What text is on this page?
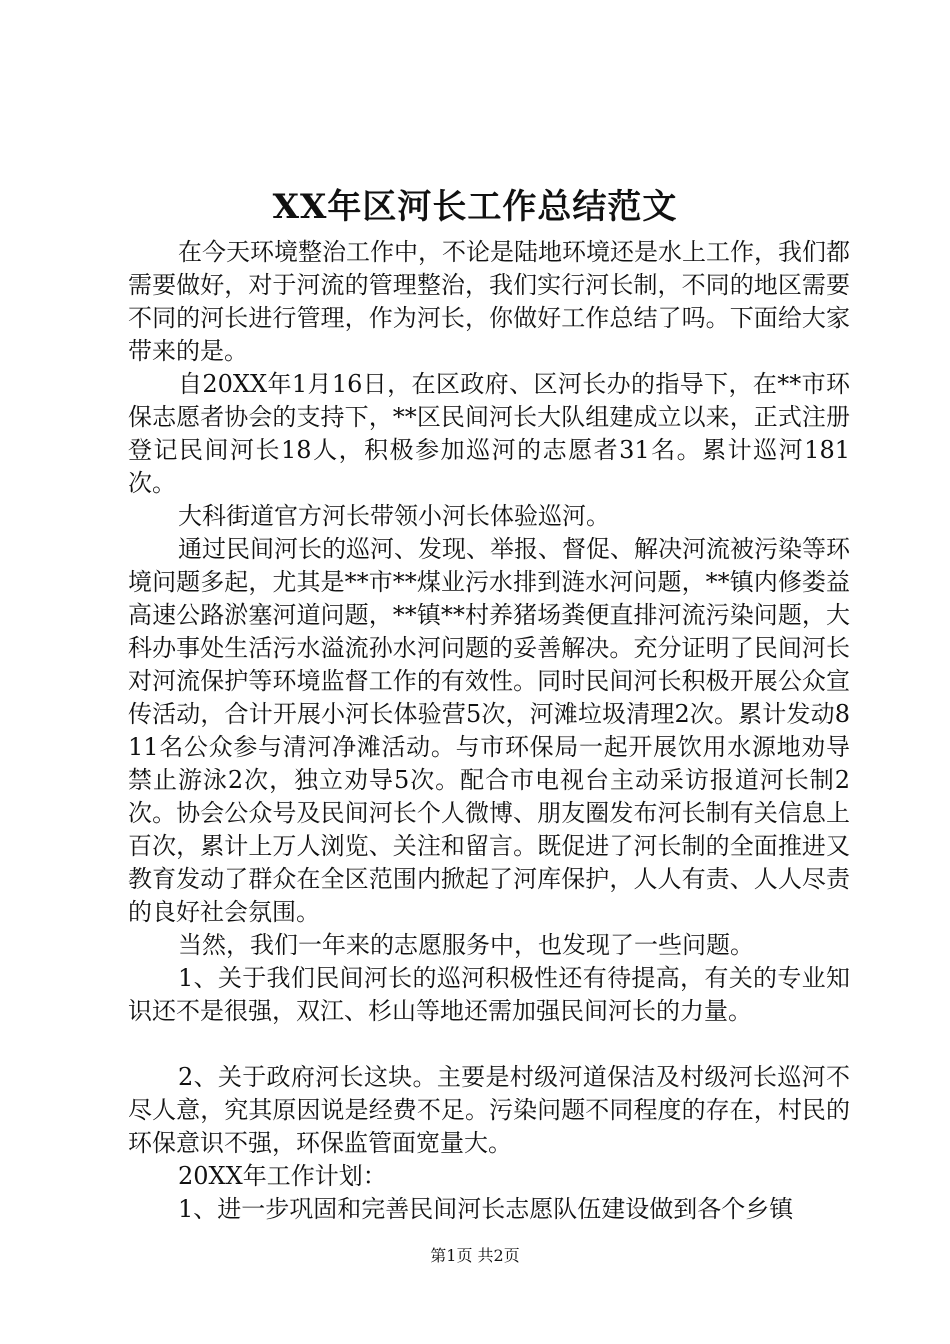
XX年区河长工作总结范文

在今天环境整治工作中，不论是陆地环境还是水上工作，我们都需要做好，对于河流的管理整治，我们实行河长制，不同的地区需要不同的河长进行管理，作为河长，你做好工作总结了吗。下面给大家带来的是。

自20XX年1月16日，在区政府、区河长办的指导下，在**市环保志愿者协会的支持下，**区民间河长大队组建成立以来，正式注册登记民间河长18人，积极参加巡河的志愿者31名。累计巡河181次。

大科街道官方河长带领小河长体验巡河。

通过民间河长的巡河、发现、举报、督促、解决河流被污染等环境问题多起，尤其是**市**煤业污水排到涟水河问题，**镇内修娄益高速公路淤塞河道问题，**镇**村养猪场粪便直排河流污染问题，大科办事处生活污水溢流孙水河问题的妥善解决。充分证明了民间河长对河流保护等环境监督工作的有效性。同时民间河长积极开展公众宣传活动，合计开展小河长体验营5次，河滩垃圾清理2次。累计发动811名公众参与清河净滩活动。与市环保局一起开展饮用水源地劝导禁止游泳2次，独立劝导5次。配合市电视台主动采访报道河长制2次。协会公众号及民间河长个人微博、朋友圈发布河长制有关信息上百次，累计上万人浏览、关注和留言。既促进了河长制的全面推进又教育发动了群众在全区范围内掀起了河库保护，人人有责、人人尽责的良好社会氛围。

当然，我们一年来的志愿服务中，也发现了一些问题。

1、关于我们民间河长的巡河积极性还有待提高，有关的专业知识还不是很强，双江、杉山等地还需加强民间河长的力量。

2、关于政府河长这块。主要是村级河道保洁及村级河长巡河不尽人意，究其原因说是经费不足。污染问题不同程度的存在，村民的环保意识不强，环保监管面宽量大。

20XX年工作计划：

1、进一步巩固和完善民间河长志愿队伍建设做到各个乡镇

第1页 共2页
